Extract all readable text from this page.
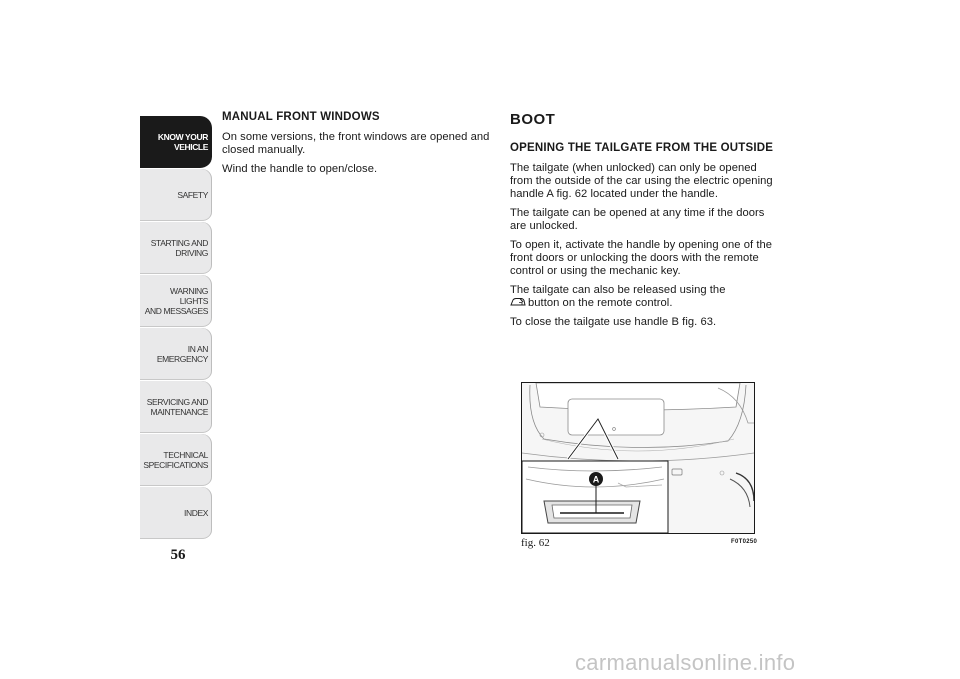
KNOW YOUR
VEHICLE
SAFETY
STARTING AND
DRIVING
WARNING LIGHTS
AND MESSAGES
IN AN EMERGENCY
SERVICING AND
MAINTENANCE
TECHNICAL
SPECIFICATIONS
INDEX
56
MANUAL FRONT WINDOWS

On some versions, the front windows are opened and closed manually.

Wind the handle to open/close.

BOOT
OPENING THE TAILGATE FROM THE OUTSIDE

The tailgate (when unlocked) can only be opened from the outside of the car using the electric opening handle A fig. 62 located under the handle.

The tailgate can be opened at any time if the doors are unlocked.

To open it, activate the handle by opening one of the front doors or unlocking the doors with the remote control or using the mechanic key.

The tailgate can also be released using the
button on the remote control.

To close the tailgate use handle B fig. 63.

A
fig. 62	F0T0250
carmanualsonline.info
